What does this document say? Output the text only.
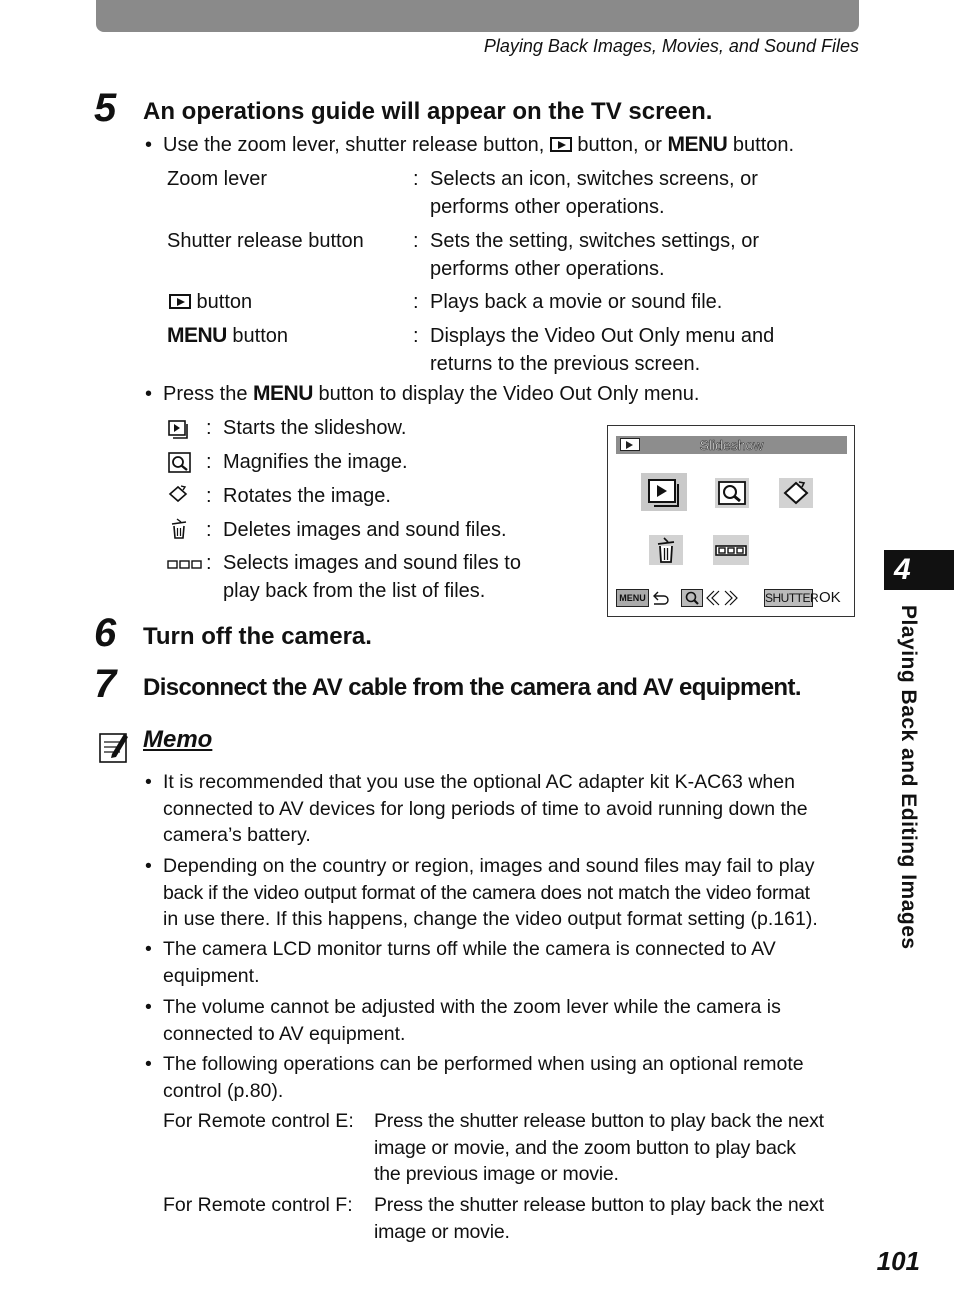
Playing Back Images, Movies, and Sound Files
5 An operations guide will appear on the TV screen.
• Use the zoom lever, shutter release button,  button, or MENU button.
Zoom lever	: Selects an icon, switches screens, or
performs other operations.
Shutter release button : Sets the setting, switches settings, or
performs other operations.
button	: Plays back a movie or sound file.
MENU button	: Displays the Video Out Only menu and
returns to the previous screen.
• Press the MENU button to display the Video Out Only menu.
: Starts the slideshow.
: Magnifies the image.
: Rotates the image.
: Deletes images and sound files.
: Selects images and sound files to
play back from the list of files.
Slideshow
MENU	SHUTTER OK
6 Turn off the camera.
7 Disconnect the AV cable from the camera and AV equipment.
Memo
• It is recommended that you use the optional AC adapter kit K-AC63 when
connected to AV devices for long periods of time to avoid running down the
camera’s battery.
• Depending on the country or region, images and sound files may fail to play
back if the video output format of the camera does not match the video format
in use there. If this happens, change the video output format setting (p.161).
• The camera LCD monitor turns off while the camera is connected to AV
equipment.
• The volume cannot be adjusted with the zoom lever while the camera is
connected to AV equipment.
• The following operations can be performed when using an optional remote
control (p.80).
For Remote control E: Press the shutter release button to play back the next
image or movie, and the zoom button to play back
the previous image or movie.
For Remote control F: Press the shutter release button to play back the next
image or movie.
4
Playing Back and Editing Images
101
